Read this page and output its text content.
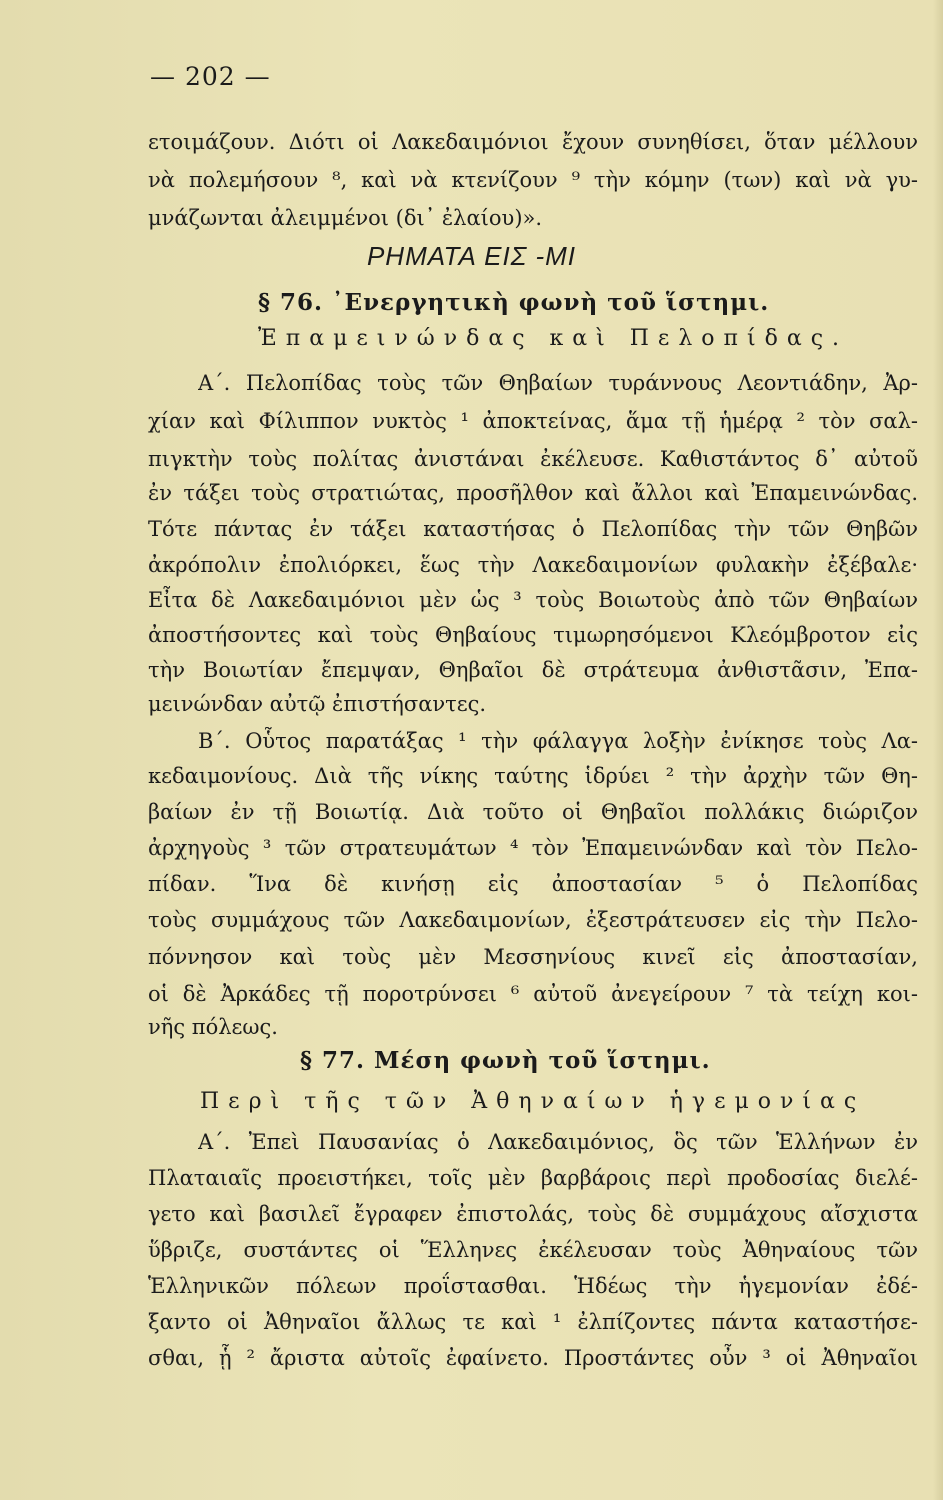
— 202 —
ετοιμάζουν. Διότι οἱ Λακεδαιμόνιοι ἔχουν συνηθίσει, ὅταν μέλλουν
νὰ πολεμήσουν ⁸, καὶ νὰ κτενίζουν ⁹ τὴν κόμην (των) καὶ νὰ γυ-
μνάζωνται ἀλειμμένοι (δι᾽ ἐλαίου)».
ΡΗΜΑΤΑ ΕΙΣ -ΜΙ
§ 76. ᾿Ενεργητικὴ φωνὴ τοῦ ἵστημι.
Ἐπαμεινώνδας καὶ Πελοπίδας.
Α΄. Πελοπίδας τοὺς τῶν Θηβαίων τυράννους Λεοντιάδην, Ἀρ-
χίαν καὶ Φίλιππον νυκτὸς ¹ ἀποκτείνας, ἅμα τῇ ἡμέρᾳ ² τὸν σαλ-
πιγκτὴν τοὺς πολίτας ἀνιστάναι ἐκέλευσε. Καθιστάντος δ᾽ αὐτοῦ
ἐν τάξει τοὺς στρατιώτας, προσῆλθον καὶ ἄλλοι καὶ Ἐπαμεινώνδας.
Τότε πάντας ἐν τάξει καταστήσας ὁ Πελοπίδας τὴν τῶν Θηβῶν
ἀκρόπολιν ἐπολιόρκει, ἕως τὴν Λακεδαιμονίων φυλακὴν ἐξέβαλε·
Εἶτα δὲ Λακεδαιμόνιοι μὲν ὡς ³ τοὺς Βοιωτοὺς ἀπὸ τῶν Θηβαίων
ἀποστήσοντες καὶ τοὺς Θηβαίους τιμωρησόμενοι Κλεόμβροτον εἰς
τὴν Βοιωτίαν ἔπεμψαν, Θηβαῖοι δὲ στράτευμα ἀνθιστᾶσιν, Ἐπα-
μεινώνδαν αὐτῷ ἐπιστήσαντες.
Β΄. Οὗτος παρατάξας ¹ τὴν φάλαγγα λοξὴν ἐνίκησε τοὺς Λα-
κεδαιμονίους. Διὰ τῆς νίκης ταύτης ἱδρύει ² τὴν ἀρχὴν τῶν Θη-
βαίων ἐν τῇ Βοιωτίᾳ. Διὰ τοῦτο οἱ Θηβαῖοι πολλάκις διώριζον
ἀρχηγοὺς ³ τῶν στρατευμάτων ⁴ τὸν Ἐπαμεινώνδαν καὶ τὸν Πελο-
πίδαν. Ἵνα δὲ κινήσῃ εἰς ἀποστασίαν ⁵ ὁ Πελοπίδας
τοὺς συμμάχους τῶν Λακεδαιμονίων, ἐξεστράτευσεν εἰς τὴν Πελο-
πόννησον καὶ τοὺς μὲν Μεσσηνίους κινεῖ εἰς ἀποστασίαν,
οἱ δὲ Ἀρκάδες τῇ ποροτρύνσει ⁶ αὐτοῦ ἀνεγείρουν ⁷ τὰ τείχη κοι-
νῆς πόλεως.
§ 77. Μέση φωνὴ τοῦ ἵστημι.
Περὶ τῆς τῶν Ἀθηναίων ἡγεμονίας
Α΄. Ἐπεὶ Παυσανίας ὁ Λακεδαιμόνιος, ὃς τῶν Ἑλλήνων ἐν
Πλαταιαῖς προειστήκει, τοῖς μὲν βαρβάροις περὶ προδοσίας διελέ-
γετο καὶ βασιλεῖ ἔγραφεν ἐπιστολάς, τοὺς δὲ συμμάχους αἴσχιστα
ὕβριζε, συστάντες οἱ Ἕλληνες ἐκέλευσαν τοὺς Ἀθηναίους τῶν
Ἑλληνικῶν πόλεων προΐστασθαι. Ἡδέως τὴν ἡγεμονίαν ἐδέ-
ξαντο οἱ Ἀθηναῖοι ἄλλως τε καὶ ¹ ἐλπίζοντες πάντα καταστήσε-
σθαι, ᾗ ² ἄριστα αὐτοῖς ἐφαίνετο. Προστάντες οὖν ³ οἱ Ἀθηναῖοι
